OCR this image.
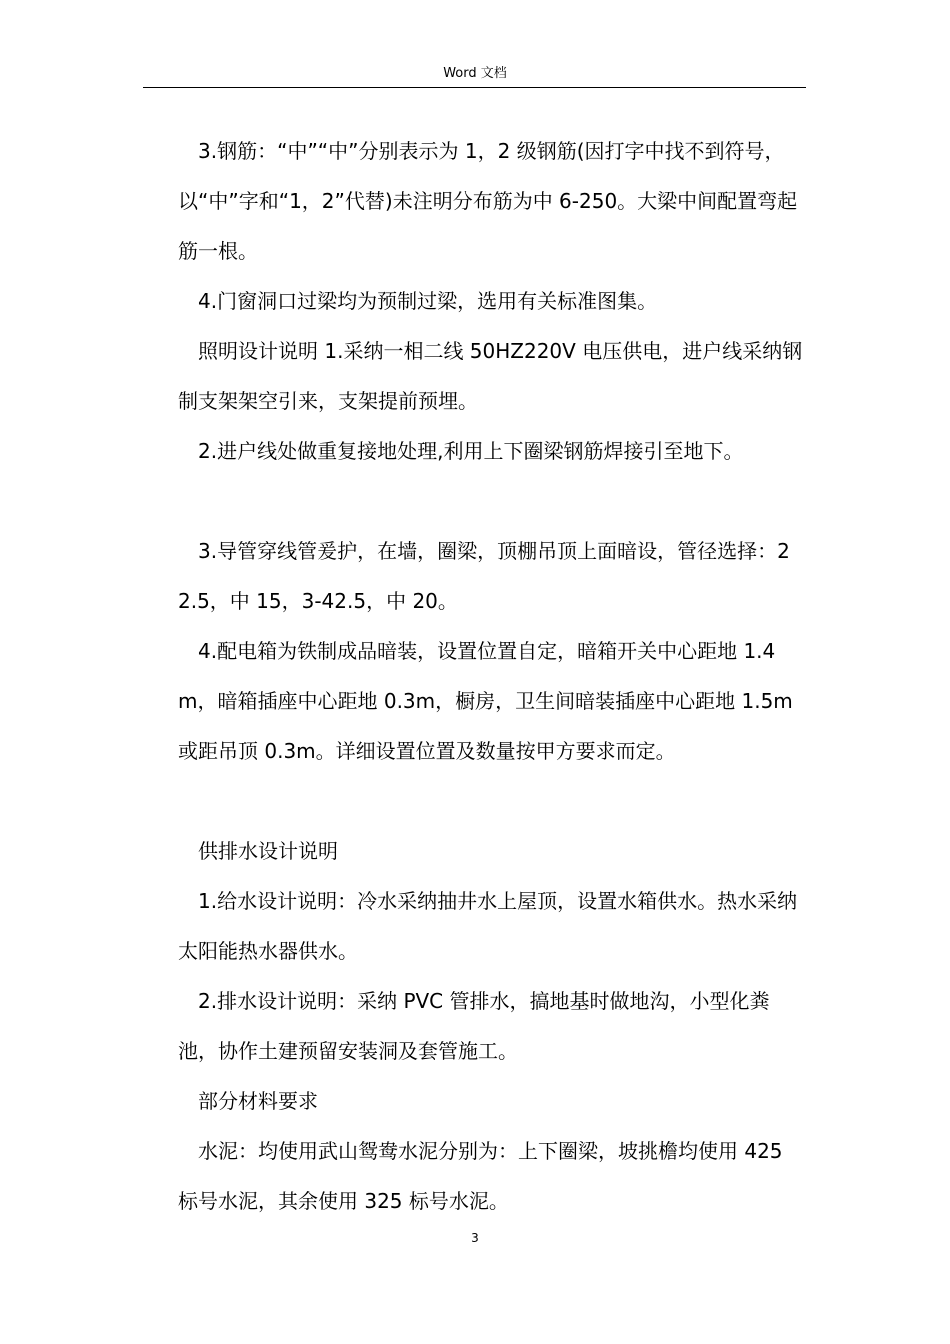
Word 文档

3.钢筋：“中”“中”分别表示为 1，2 级钢筋(因打字中找不到符号，以“中”字和“1，2”代替)未注明分布筋为中 6-250。大梁中间配置弯起筋一根。

4.门窗洞口过梁均为预制过梁，选用有关标准图集。

照明设计说明 1.采纳一相二线 50HZ220V 电压供电，进户线采纳钢制支架架空引来，支架提前预埋。

2.进户线处做重复接地处理,利用上下圈梁钢筋焊接引至地下。

3.导管穿线管爰护，在墙，圈梁，顶棚吊顶上面暗设，管径选择：22.5，中 15，3-42.5，中 20。

4.配电箱为铁制成品暗装，设置位置自定，暗箱开关中心距地 1.4m，暗箱插座中心距地 0.3m，橱房，卫生间暗装插座中心距地 1.5m 或距吊顶 0.3m。详细设置位置及数量按甲方要求而定。

供排水设计说明

1.给水设计说明：冷水采纳抽井水上屋顶，设置水箱供水。热水采纳太阳能热水器供水。

2.排水设计说明：采纳 PVC 管排水，搞地基时做地沟，小型化粪池，协作土建预留安装洞及套管施工。

部分材料要求

水泥：均使用武山鸳鸯水泥分别为：上下圈梁，坡挑檐均使用 425 标号水泥，其余使用 325 标号水泥。

3
